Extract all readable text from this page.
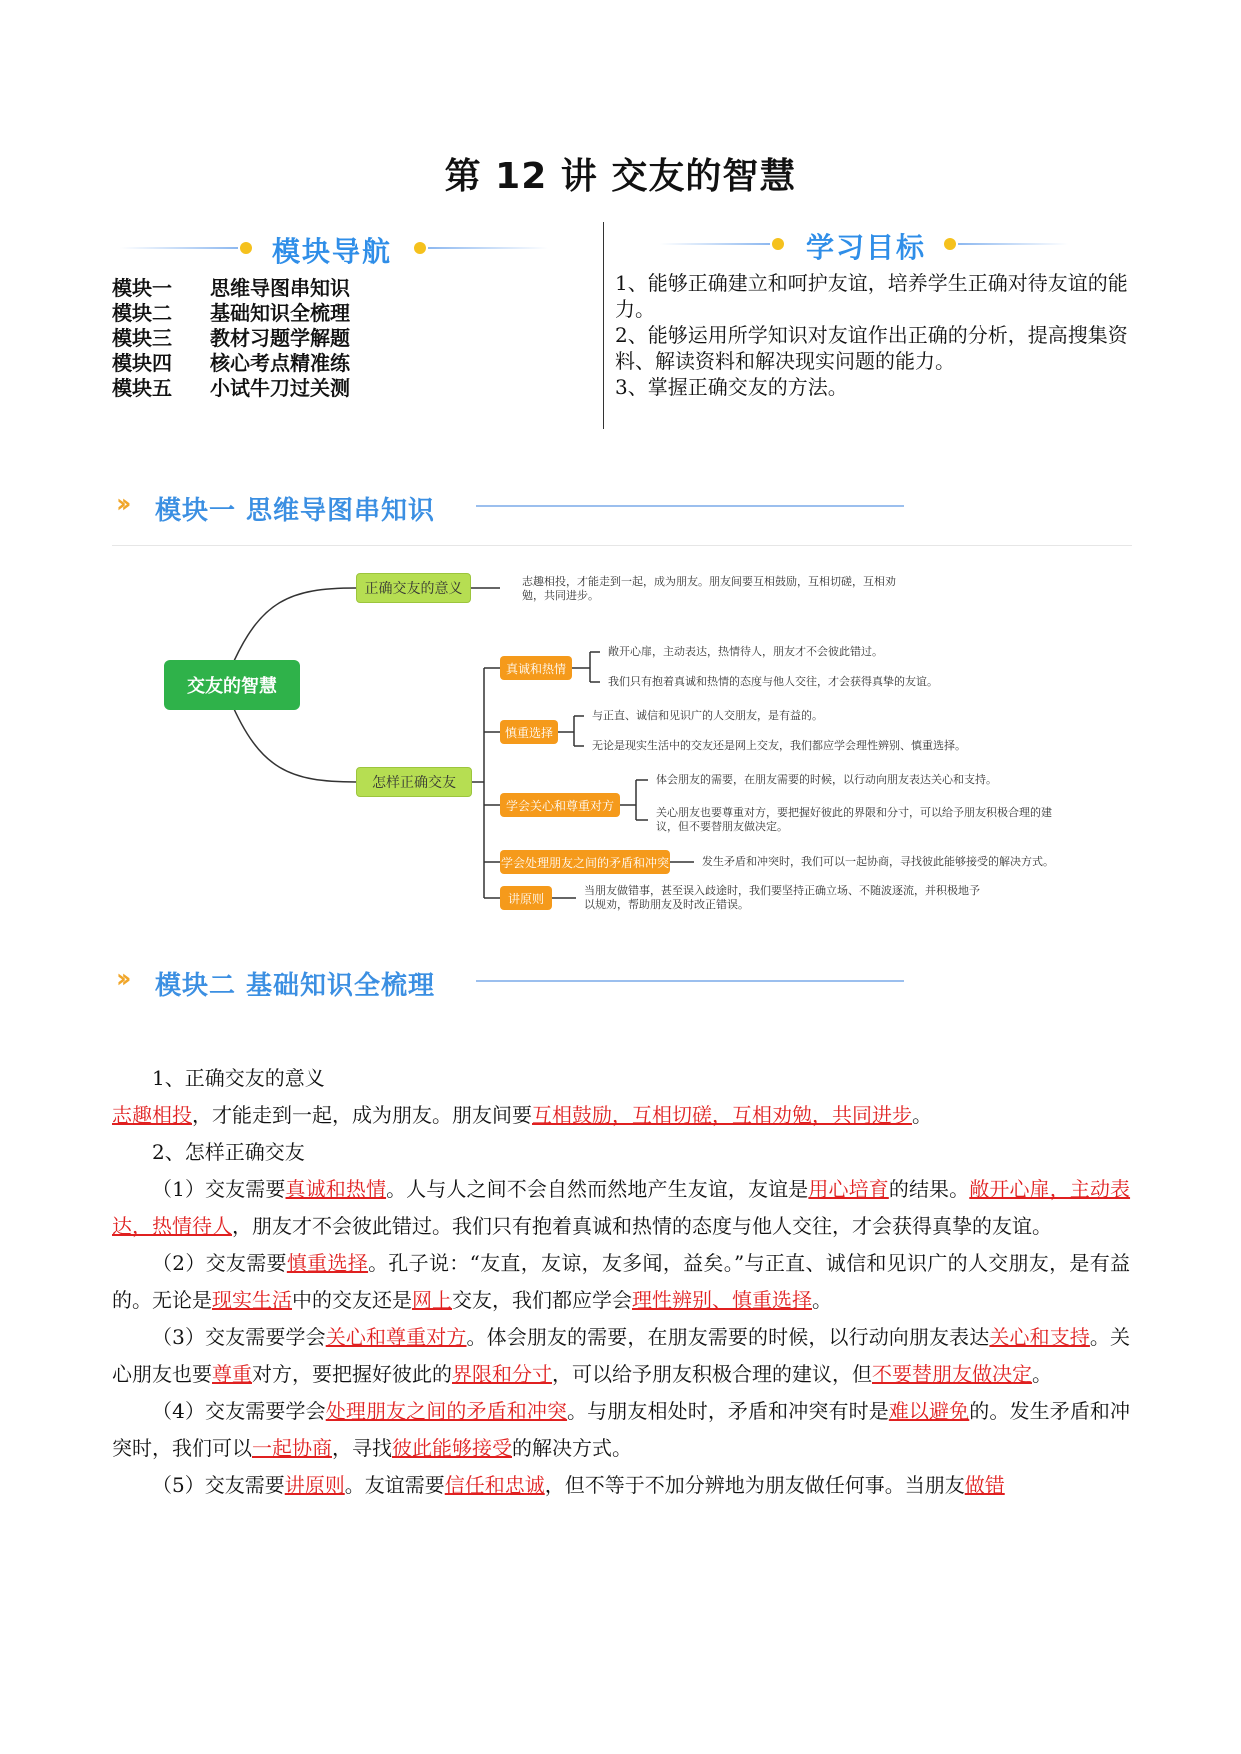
第 12 讲 交友的智慧
模块导航
模块一 思维导图串知识
模块二 基础知识全梳理
模块三 教材习题学解题
模块四 核心考点精准练
模块五 小试牛刀过关测
学习目标

1、能够正确建立和呵护友谊，培养学生正确对待友谊的能力。

2、能够运用所学知识对友谊作出正确的分析，提高搜集资料、解读资料和解决现实问题的能力。

3、掌握正确交友的方法。

›› 模块一 思维导图串知识
交友的智慧
正确交友的意义	志趣相投，才能走到一起，成为朋友。朋友间要互相鼓励，互相切磋，互相劝勉，共同进步。
怎样正确交友
真诚和热情
敞开心扉，主动表达，热情待人，朋友才不会彼此错过。
我们只有抱着真诚和热情的态度与他人交往，才会获得真挚的友谊。
慎重选择
与正直、诚信和见识广的人交朋友，是有益的。
无论是现实生活中的交友还是网上交友，我们都应学会理性辨别、慎重选择。
学会关心和尊重对方
体会朋友的需要，在朋友需要的时候，以行动向朋友表达关心和支持。
关心朋友也要尊重对方，要把握好彼此的界限和分寸，可以给予朋友积极合理的建议，但不要替朋友做决定。
学会处理朋友之间的矛盾和冲突	发生矛盾和冲突时，我们可以一起协商，寻找彼此能够接受的解决方式。
讲原则
当朋友做错事，甚至误入歧途时，我们要坚持正确立场、不随波逐流，并积极地予以规劝，帮助朋友及时改正错误。
›› 模块二 基础知识全梳理

1、正确交友的意义

志趣相投，才能走到一起，成为朋友。朋友间要互相鼓励，互相切磋，互相劝勉，共同进步。

2、怎样正确交友

（1）交友需要真诚和热情。人与人之间不会自然而然地产生友谊，友谊是用心培育的结果。敞开心扉，主动表达，热情待人，朋友才不会彼此错过。我们只有抱着真诚和热情的态度与他人交往，才会获得真挚的友谊。

（2）交友需要慎重选择。孔子说：“友直，友谅，友多闻，益矣。”与正直、诚信和见识广的人交朋友，是有益的。无论是现实生活中的交友还是网上交友，我们都应学会理性辨别、慎重选择。

（3）交友需要学会关心和尊重对方。体会朋友的需要，在朋友需要的时候，以行动向朋友表达关心和支持。关心朋友也要尊重对方，要把握好彼此的界限和分寸，可以给予朋友积极合理的建议，但不要替朋友做决定。

（4）交友需要学会处理朋友之间的矛盾和冲突。与朋友相处时，矛盾和冲突有时是难以避免的。发生矛盾和冲突时，我们可以一起协商，寻找彼此能够接受的解决方式。

（5）交友需要讲原则。友谊需要信任和忠诚，但不等于不加分辨地为朋友做任何事。当朋友做错
